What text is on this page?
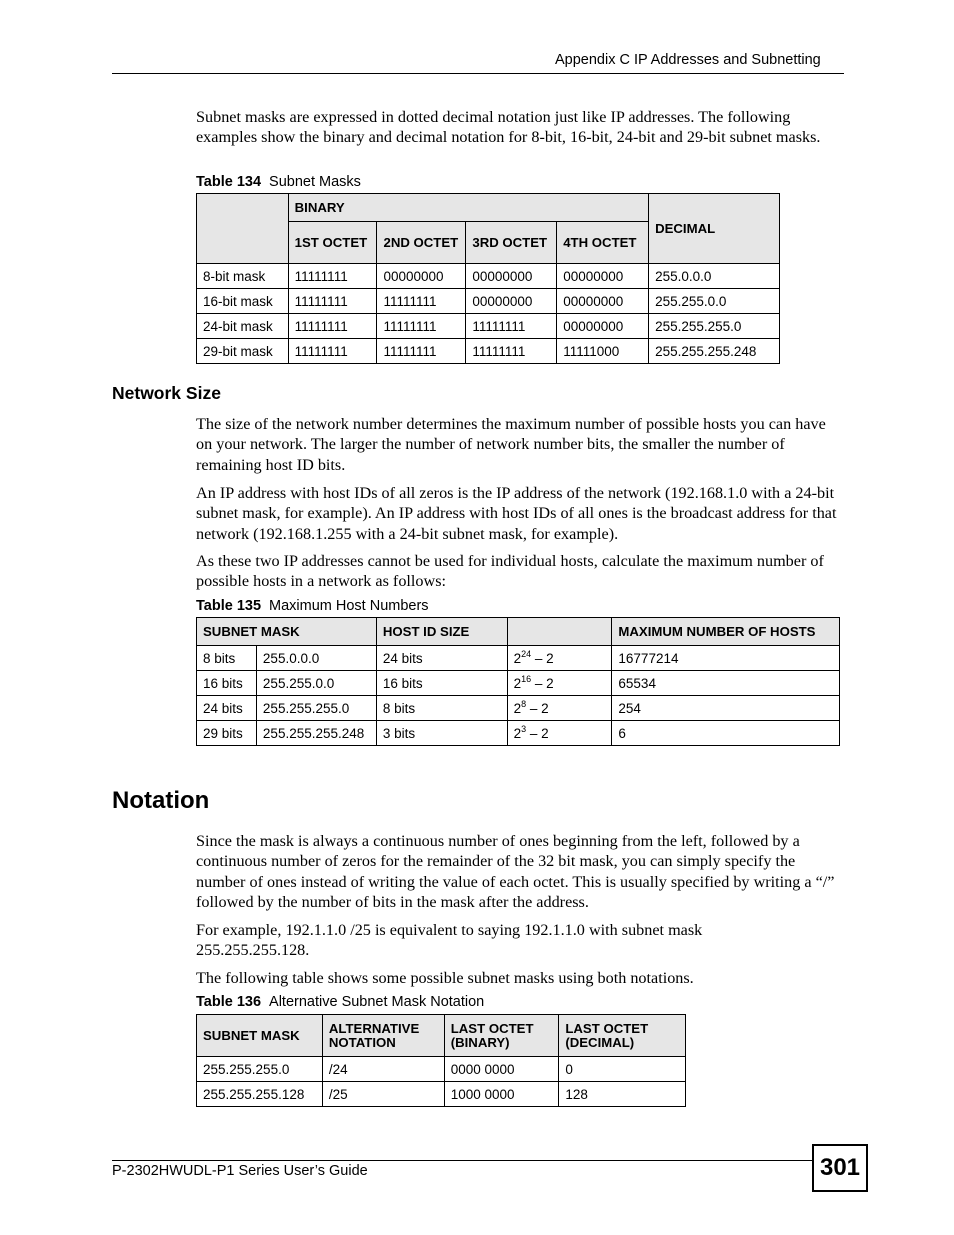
Appendix C IP Addresses and Subnetting
Subnet masks are expressed in dotted decimal notation just like IP addresses. The following examples show the binary and decimal notation for 8-bit, 16-bit, 24-bit and 29-bit subnet masks.
Table 134 Subnet Masks
	BINARY				DECIMAL
	1ST OCTET	2ND OCTET	3RD OCTET	4TH OCTET	
8-bit mask	11111111	00000000	00000000	00000000	255.0.0.0
16-bit mask	11111111	11111111	00000000	00000000	255.255.0.0
24-bit mask	11111111	11111111	11111111	00000000	255.255.255.0
29-bit mask	11111111	11111111	11111111	11111000	255.255.255.248
Network Size
The size of the network number determines the maximum number of possible hosts you can have on your network. The larger the number of network number bits, the smaller the number of remaining host ID bits.
An IP address with host IDs of all zeros is the IP address of the network (192.168.1.0 with a 24-bit subnet mask, for example). An IP address with host IDs of all ones is the broadcast address for that network (192.168.1.255 with a 24-bit subnet mask, for example).
As these two IP addresses cannot be used for individual hosts, calculate the maximum number of possible hosts in a network as follows:
Table 135 Maximum Host Numbers
SUBNET MASK		HOST ID SIZE		MAXIMUM NUMBER OF HOSTS
8 bits	255.0.0.0	24 bits	$2^{24} - 2$	16777214
16 bits	255.255.0.0	16 bits	$2^{16} - 2$	65534
24 bits	255.255.255.0	8 bits	$2^8 - 2$	254
29 bits	255.255.255.248	3 bits	$2^3 - 2$	6
Notation
Since the mask is always a continuous number of ones beginning from the left, followed by a continuous number of zeros for the remainder of the 32 bit mask, you can simply specify the number of ones instead of writing the value of each octet. This is usually specified by writing a “/” followed by the number of bits in the mask after the address.
For example, 192.1.1.0 /25 is equivalent to saying 192.1.1.0 with subnet mask 255.255.255.128.
The following table shows some possible subnet masks using both notations.
Table 136 Alternative Subnet Mask Notation
SUBNET MASK	ALTERNATIVE NOTATION	LAST OCTET (BINARY)	LAST OCTET (DECIMAL)
255.255.255.0	/24	0000 0000	0
255.255.255.128	/25	1000 0000	128
P-2302HWUDL-P1 Series User’s Guide	301
